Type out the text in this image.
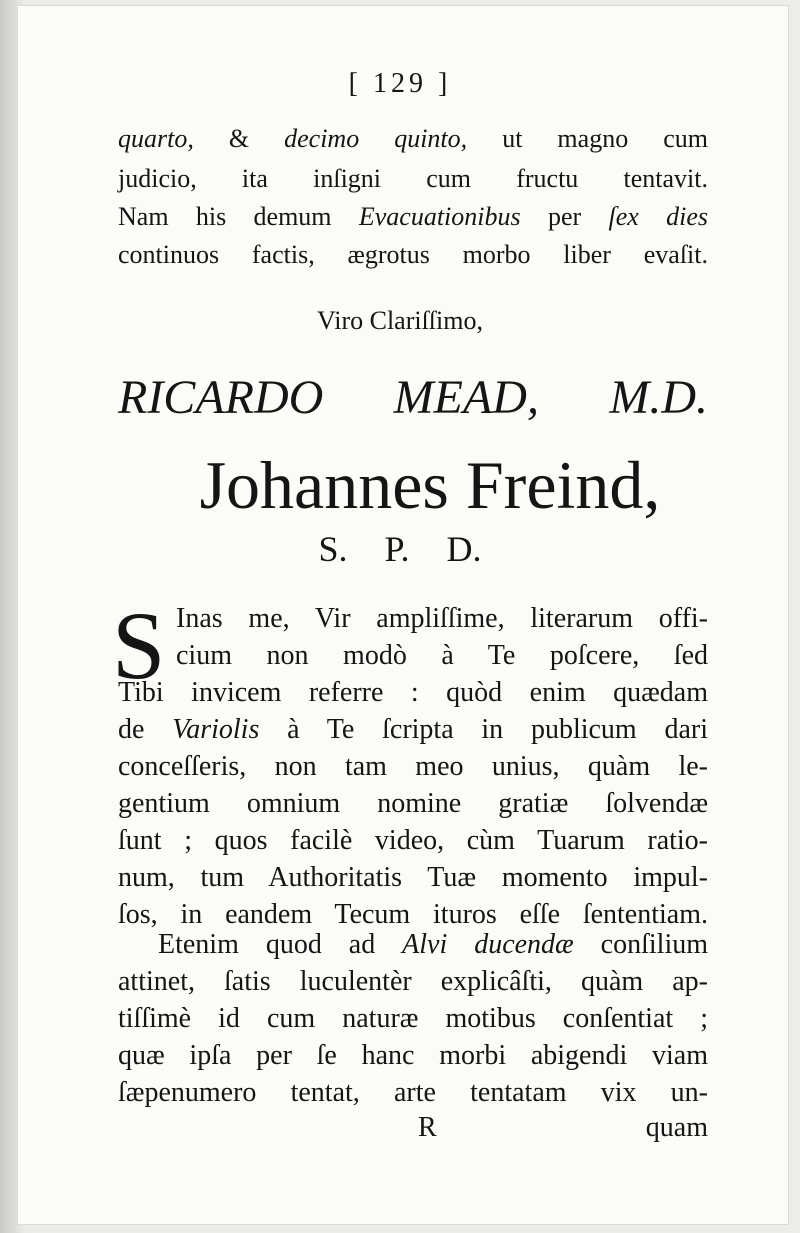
[ 129 ]
quarto, & decimo quinto, ut magno cum
judicio, ita inſigni cum fructu tentavit.
Nam his demum Evacuationibus per ſex dies
continuos factis, ægrotus morbo liber evaſit.
Viro Clariſſimo,
RICARDO MEAD, M.D.
Johannes Freind,
S. P. D.
S Inas me, Vir ampliſſime, literarum offi-
cium non modò à Te poſcere, ſed
Tibi invicem referre : quòd enim quædam
de Variolis à Te ſcripta in publicum dari
conceſſeris, non tam meo unius, quàm le-
gentium omnium nomine gratiæ ſolvendæ
ſunt ; quos facilè video, cùm Tuarum ratio-
num, tum Authoritatis Tuæ momento impul-
ſos, in eandem Tecum ituros eſſe ſententiam.
Etenim quod ad Alvi ducendæ conſilium
attinet, ſatis luculentèr explicâſti, quàm ap-
tiſſimè id cum naturæ motibus conſentiat ;
quæ ipſa per ſe hanc morbi abigendi viam
ſæpenumero tentat, arte tentatam vix un-
R	quam
